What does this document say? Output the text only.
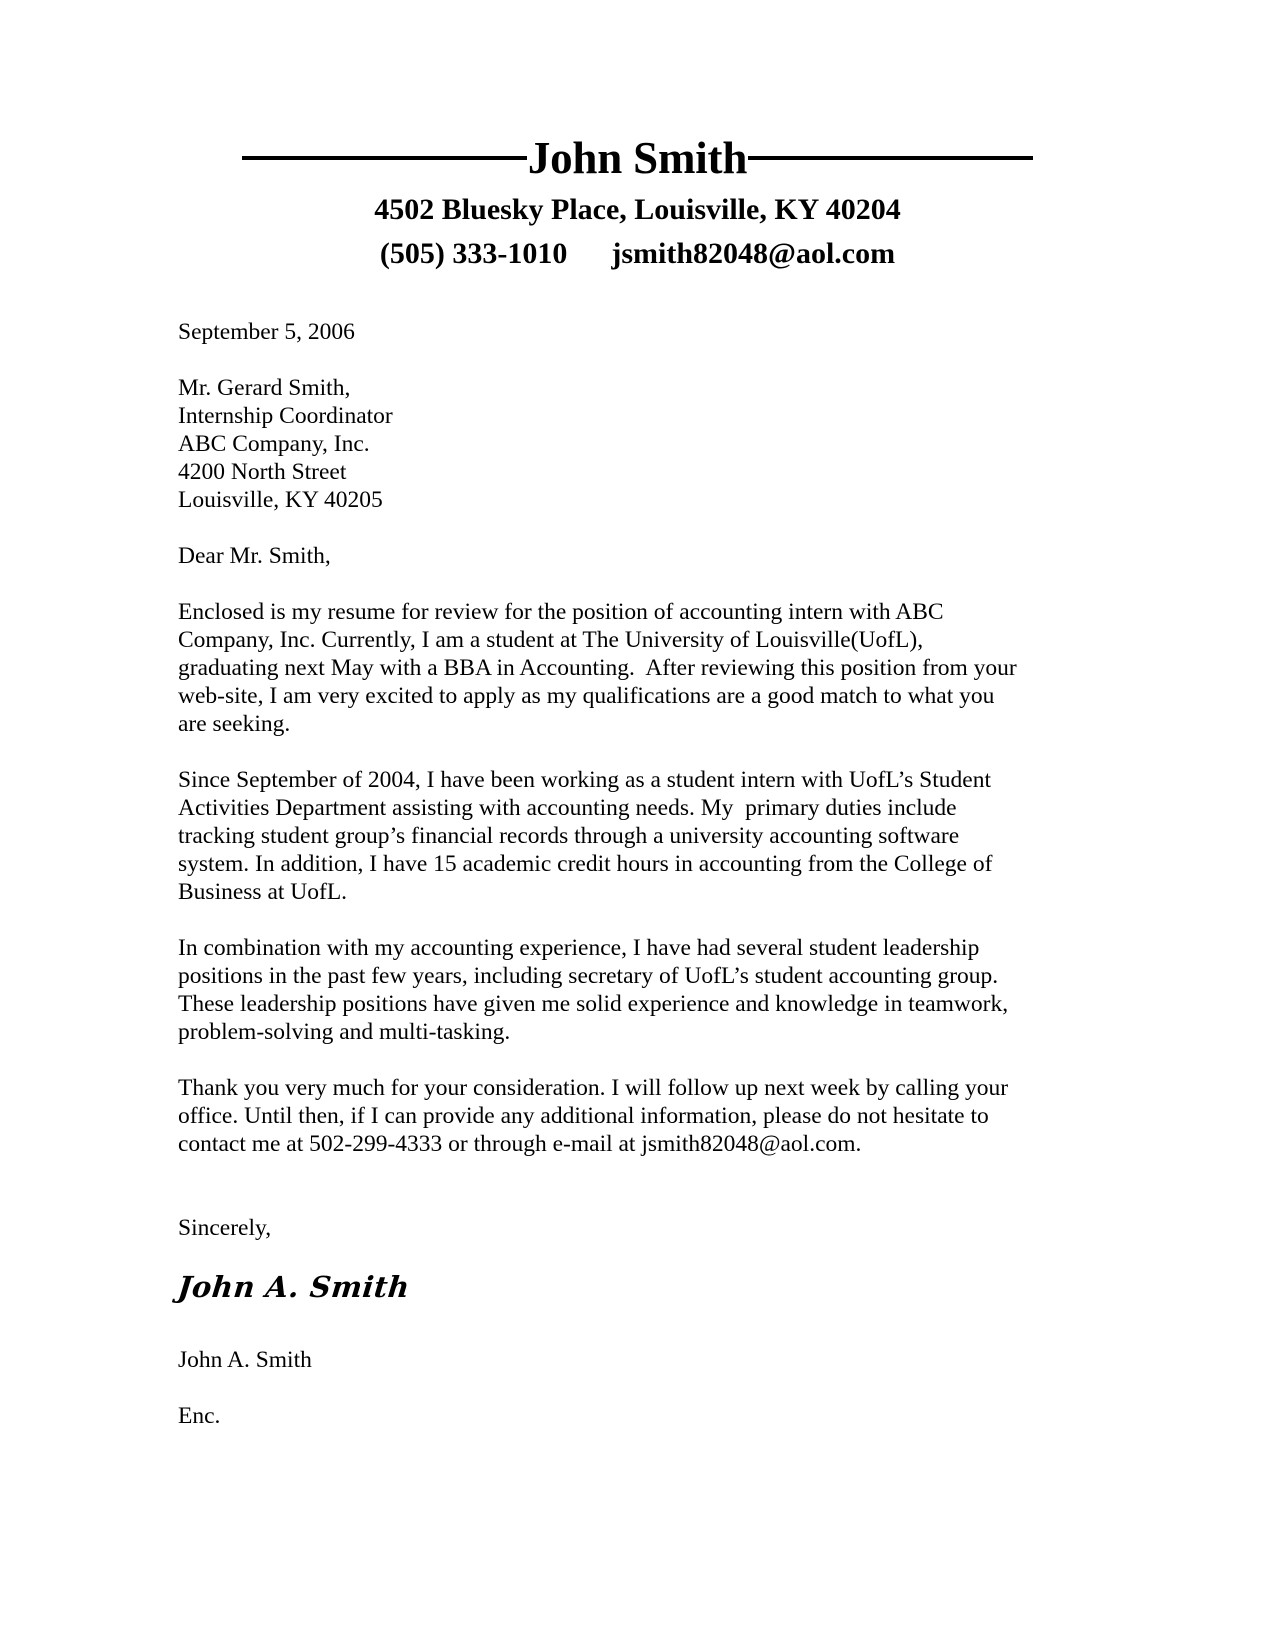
John Smith
4502 Bluesky Place, Louisville, KY 40204
(505) 333-1010 jsmith82048@aol.com
September 5, 2006
Mr. Gerard Smith,
Internship Coordinator
ABC Company, Inc.
4200 North Street
Louisville, KY 40205
Dear Mr. Smith,
Enclosed is my resume for review for the position of accounting intern with ABC
Company, Inc. Currently, I am a student at The University of Louisville(UofL),
graduating next May with a BBA in Accounting.  After reviewing this position from your
web-site, I am very excited to apply as my qualifications are a good match to what you
are seeking.
Since September of 2004, I have been working as a student intern with UofL’s Student
Activities Department assisting with accounting needs. My  primary duties include
tracking student group’s financial records through a university accounting software
system. In addition, I have 15 academic credit hours in accounting from the College of
Business at UofL.
In combination with my accounting experience, I have had several student leadership
positions in the past few years, including secretary of UofL’s student accounting group.
These leadership positions have given me solid experience and knowledge in teamwork,
problem-solving and multi-tasking.
Thank you very much for your consideration. I will follow up next week by calling your
office. Until then, if I can provide any additional information, please do not hesitate to
contact me at 502-299-4333 or through e-mail at jsmith82048@aol.com.
Sincerely,
John A. Smith
John A. Smith
Enc.
